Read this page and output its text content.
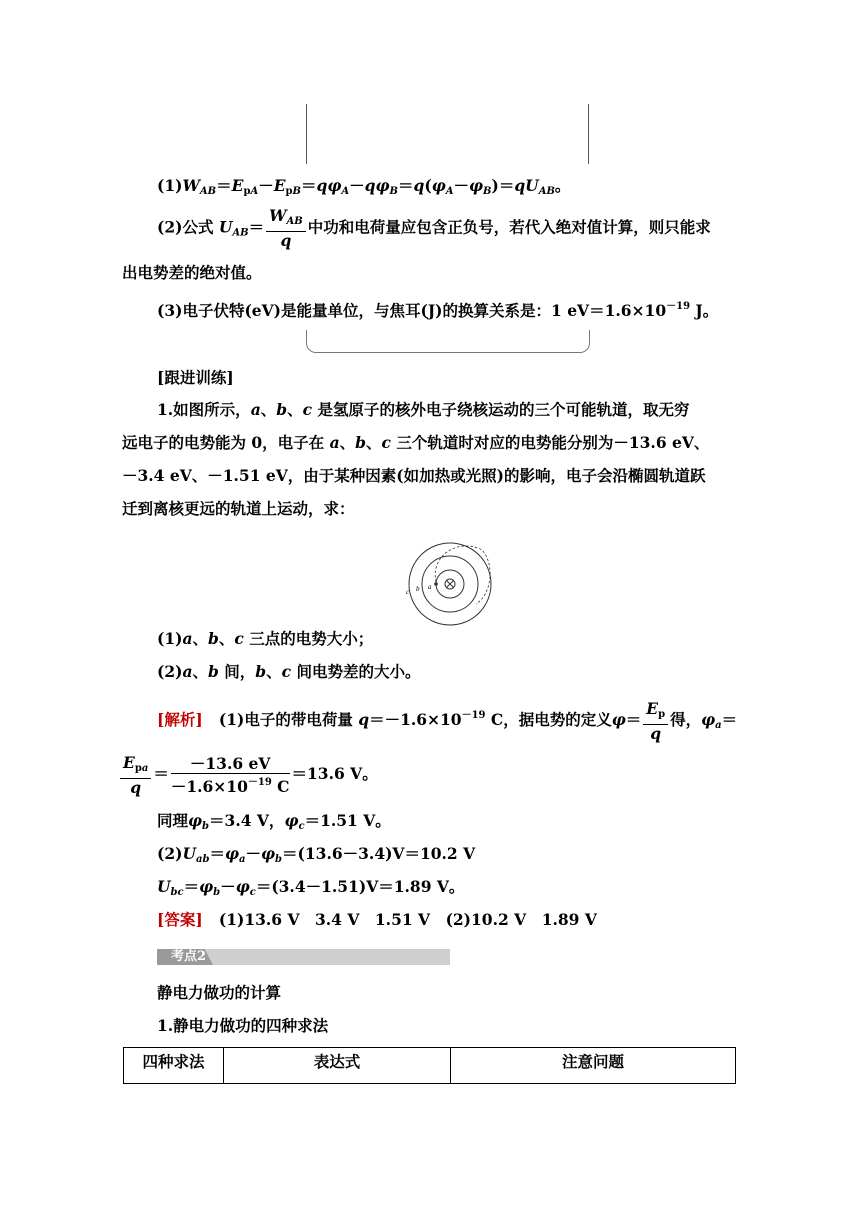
$(1)W_{AB}=E_{pA}-E_{pB}=q\varphi_A-q\varphi_B=q(\varphi_A-\varphi_B)=qU_{AB}$。
(2)公式 $U_{AB}= \frac{W_{AB}}{q}$ 中功和电荷量应包含正负号，若代入绝对值计算，则只能求
出电势差的绝对值。
(3)电子伏特(eV)是能量单位，与焦耳(J)的换算关系是：1 $eV=1.6\times 10^{-19}$ J。
[跟进训练]
1.如图所示，a、b、c 是氢原子的核外电子绕核运动的三个可能轨道，取无穷
远电子的电势能为 0，电子在 a、b、c 三个轨道时对应的电势能分别为－13.6 eV、
－3.4 eV、－1.51 eV，由于某种因素(如加热或光照)的影响，电子会沿椭圆轨道跃
迁到离核更远的轨道上运动，求：
c b a
(1)a、b、c 三点的电势大小；
(2)a、b 间，b、c 间电势差的大小。
[解析]   (1)电子的带电荷量 $q=-1.6\times 10^{-19}$ C，据电势的定义$\varphi= \frac{E_p}{q}$ 得，$\varphi_a=$
$\frac{E_{pa}}{q} = \frac{-13.6 eV}{-1.6\times 10^{-19} C} =13.6$ V。
同理$\varphi_b=3.4$ V，$\varphi_c=1.51$ V。
$(2)U_{ab}=\varphi_a-\varphi_b=(13.6-3.4)V=10.2$ V
$U_{bc}=\varphi_b-\varphi_c=(3.4-1.51)V=1.89$ V。
[答案] (1)13.6 V　3.4 V　1.51 V　(2)10.2 V　1.89 V
考点2
静电力做功的计算
1.静电力做功的四种求法
四种求法	表达式	注意问题
